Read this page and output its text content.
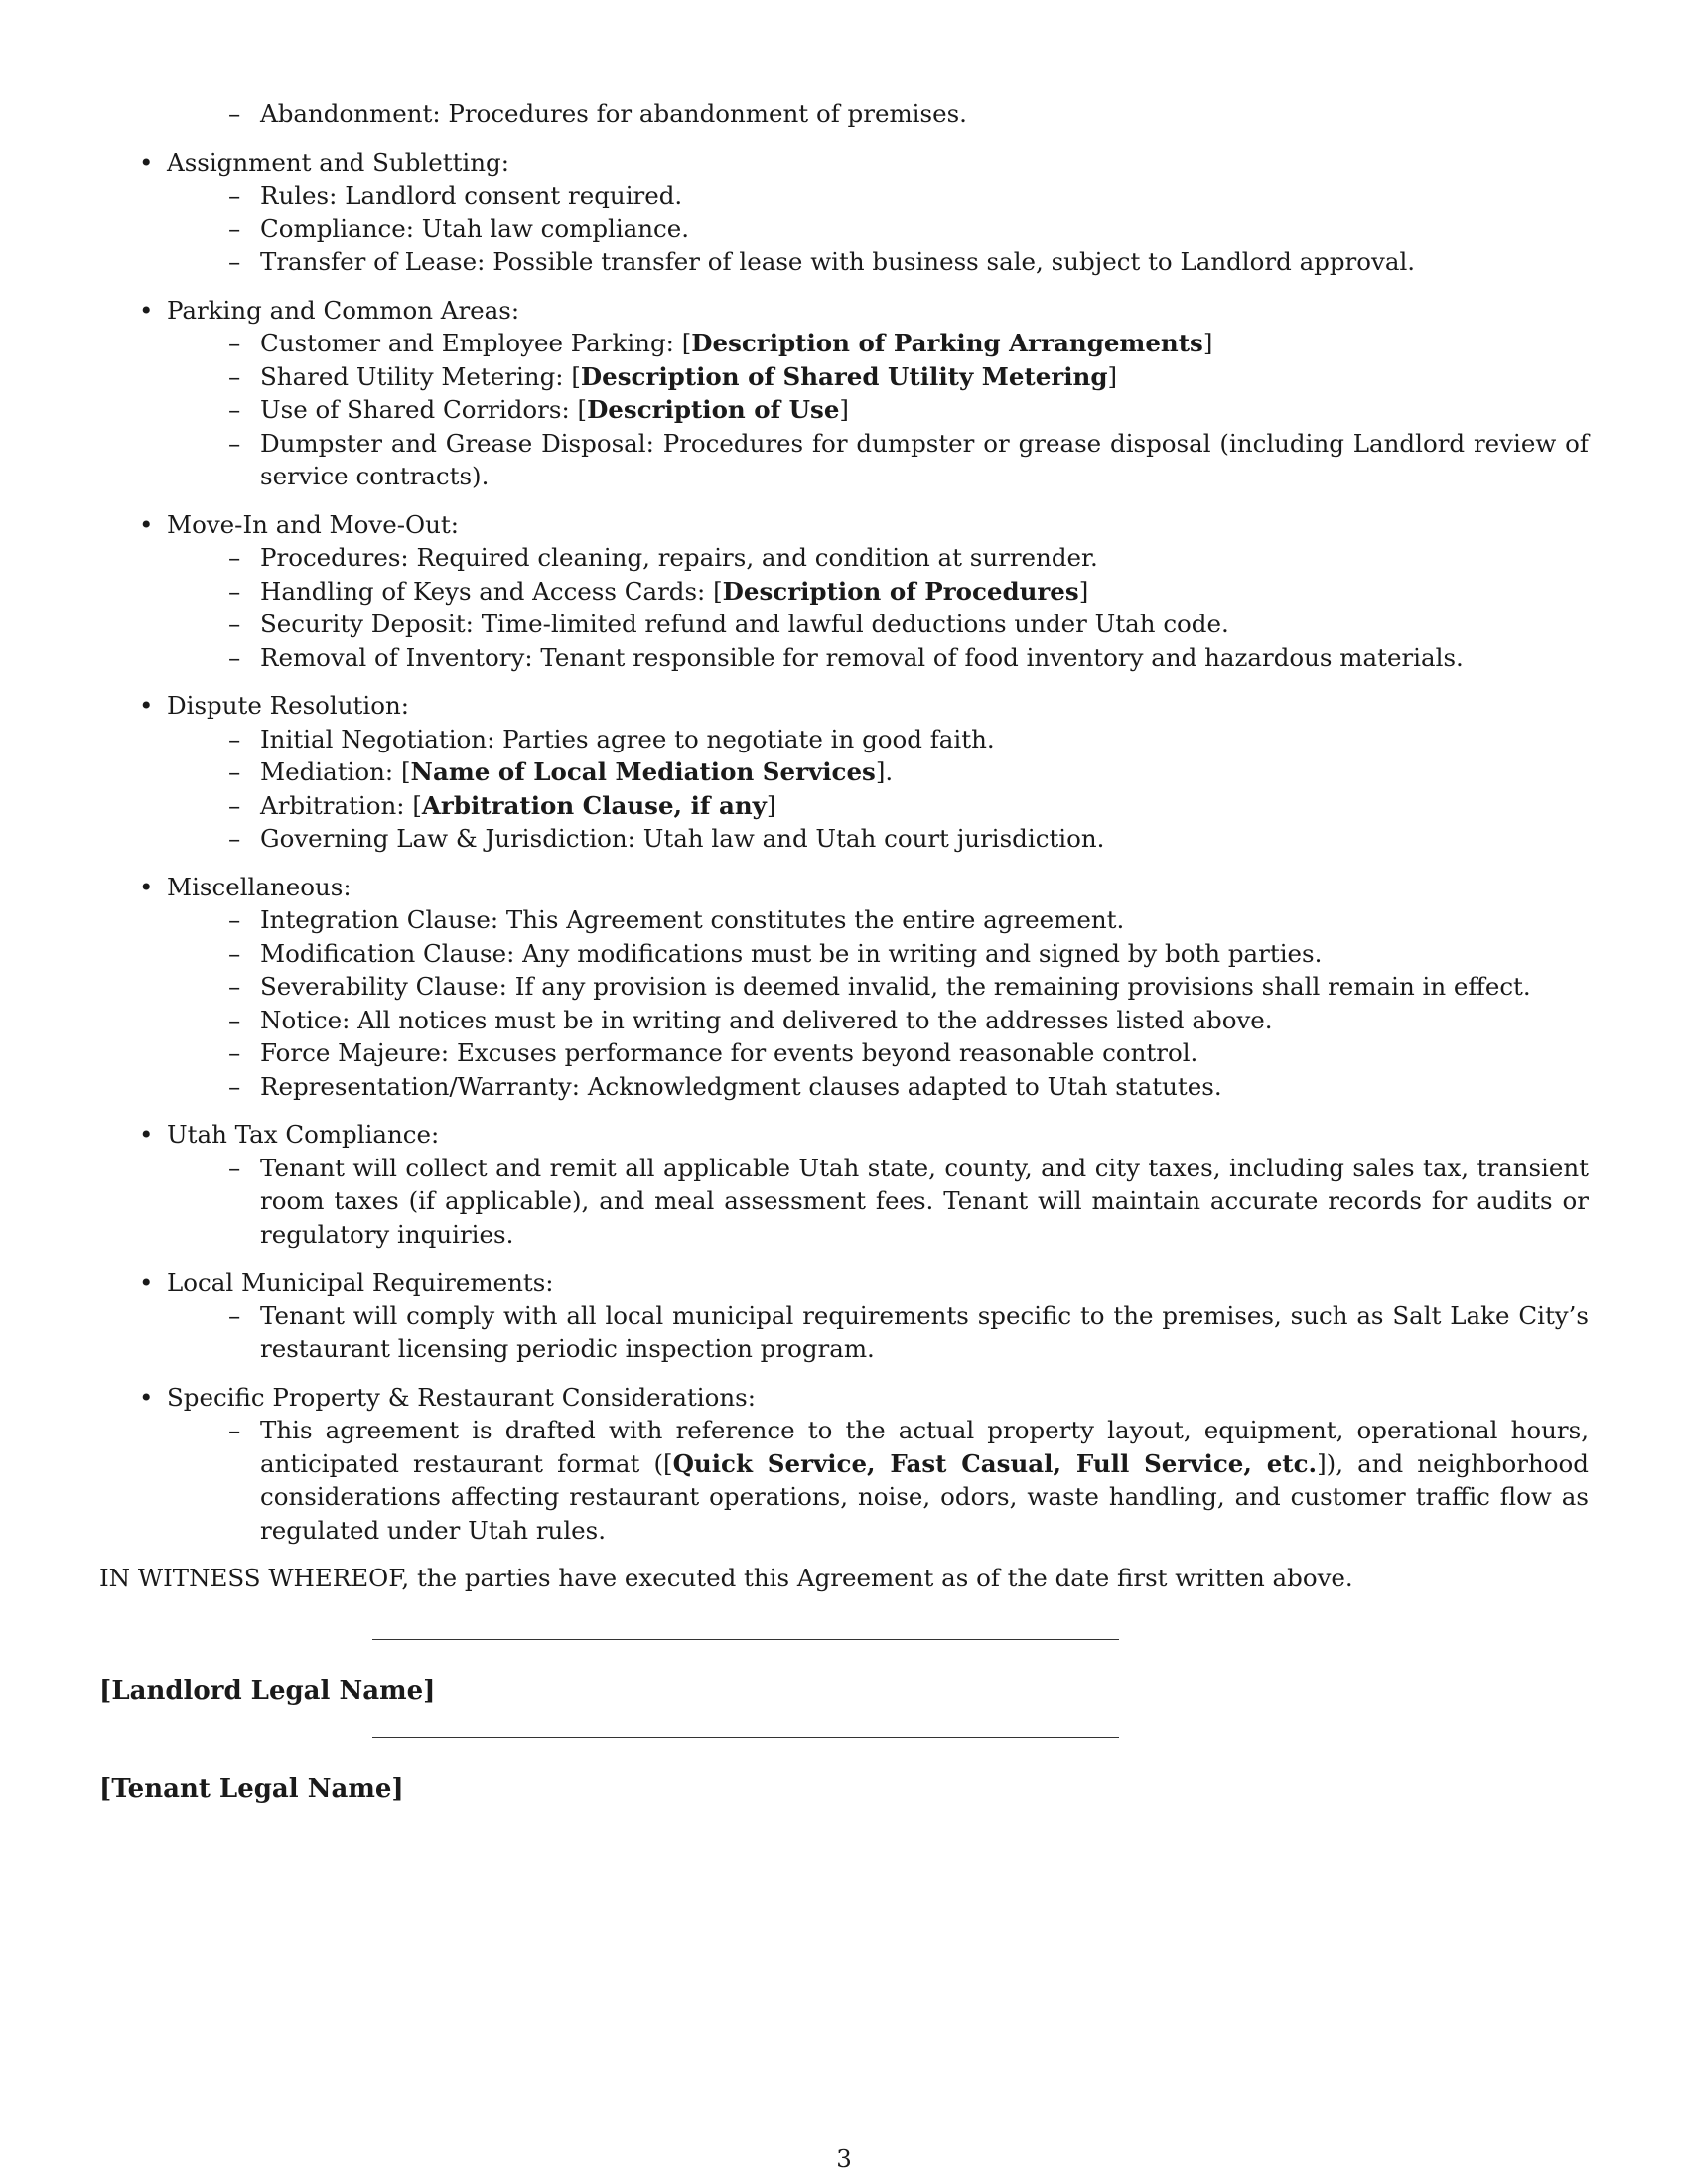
– Abandonment: Procedures for abandonment of premises.
• Assignment and Subletting:
– Rules: Landlord consent required.
– Compliance: Utah law compliance.
– Transfer of Lease: Possible transfer of lease with business sale, subject to Landlord approval.
• Parking and Common Areas:
– Customer and Employee Parking: [Description of Parking Arrangements]
– Shared Utility Metering: [Description of Shared Utility Metering]
– Use of Shared Corridors: [Description of Use]
– Dumpster and Grease Disposal: Procedures for dumpster or grease disposal (including Landlord review of service contracts).
• Move-In and Move-Out:
– Procedures: Required cleaning, repairs, and condition at surrender.
– Handling of Keys and Access Cards: [Description of Procedures]
– Security Deposit: Time-limited refund and lawful deductions under Utah code.
– Removal of Inventory: Tenant responsible for removal of food inventory and hazardous materials.
• Dispute Resolution:
– Initial Negotiation: Parties agree to negotiate in good faith.
– Mediation: [Name of Local Mediation Services].
– Arbitration: [Arbitration Clause, if any]
– Governing Law & Jurisdiction: Utah law and Utah court jurisdiction.
• Miscellaneous:
– Integration Clause: This Agreement constitutes the entire agreement.
– Modification Clause: Any modifications must be in writing and signed by both parties.
– Severability Clause: If any provision is deemed invalid, the remaining provisions shall remain in effect.
– Notice: All notices must be in writing and delivered to the addresses listed above.
– Force Majeure: Excuses performance for events beyond reasonable control.
– Representation/Warranty: Acknowledgment clauses adapted to Utah statutes.
• Utah Tax Compliance:
– Tenant will collect and remit all applicable Utah state, county, and city taxes, including sales tax, transient room taxes (if applicable), and meal assessment fees. Tenant will maintain accurate records for audits or regulatory inquiries.
• Local Municipal Requirements:
– Tenant will comply with all local municipal requirements specific to the premises, such as Salt Lake City’s restaurant licensing periodic inspection program.
• Specific Property & Restaurant Considerations:
– This agreement is drafted with reference to the actual property layout, equipment, operational hours, anticipated restaurant format ([Quick Service, Fast Casual, Full Service, etc.]), and neighborhood considerations affecting restaurant operations, noise, odors, waste handling, and customer traffic flow as regulated under Utah rules.
IN WITNESS WHEREOF, the parties have executed this Agreement as of the date first written above.
[Landlord Legal Name]
[Tenant Legal Name]
3
